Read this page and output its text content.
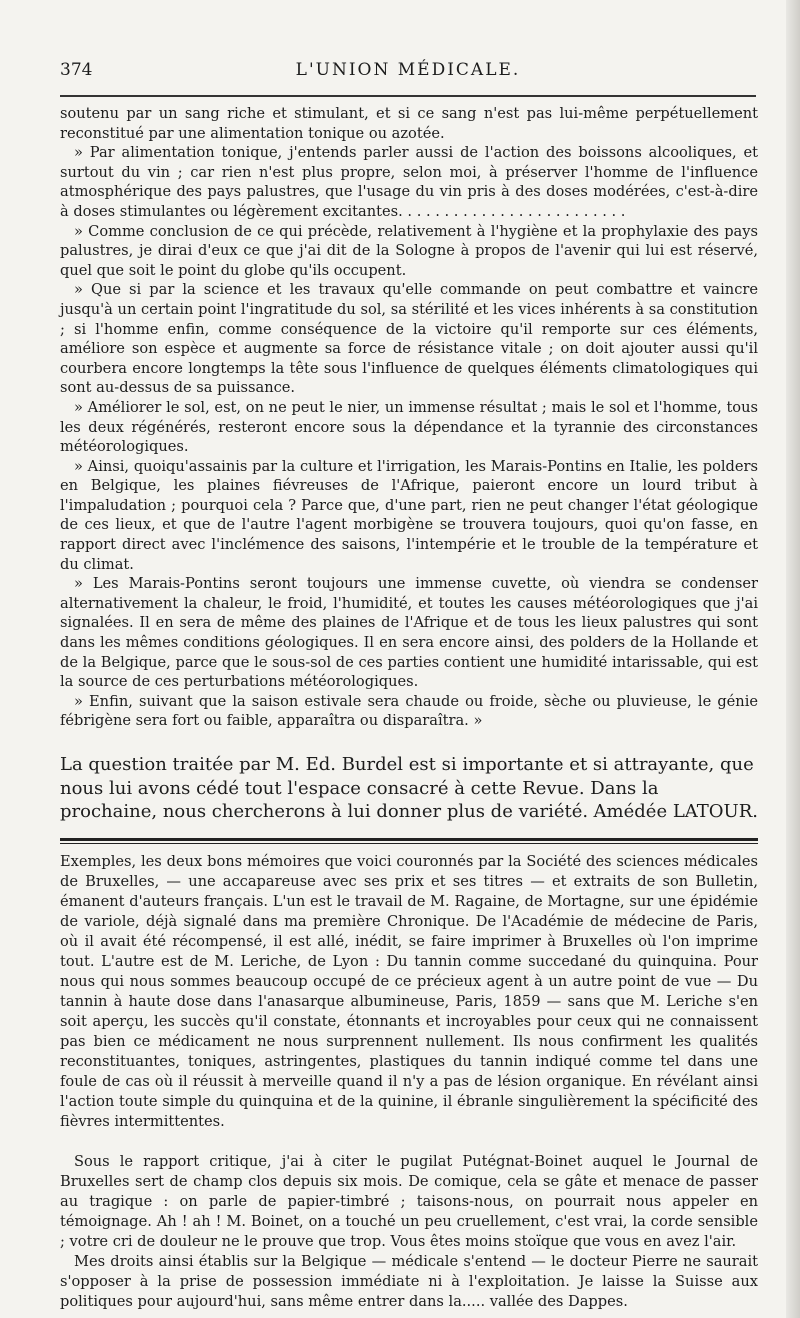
374	L'UNION MÉDICALE.

soutenu par un sang riche et stimulant, et si ce sang n'est pas lui-même perpétuellement reconstitué par une alimentation tonique ou azotée.

» Par alimentation tonique, j'entends parler aussi de l'action des boissons alcooliques, et surtout du vin ; car rien n'est plus propre, selon moi, à préserver l'homme de l'influence atmosphérique des pays palustres, que l'usage du vin pris à des doses modérées, c'est-à-dire à doses stimulantes ou légèrement excitantes. . . . . . . . . . . . . . . . . . . . . . . . .

» Comme conclusion de ce qui précède, relativement à l'hygiène et la prophylaxie des pays palustres, je dirai d'eux ce que j'ai dit de la Sologne à propos de l'avenir qui lui est réservé, quel que soit le point du globe qu'ils occupent.

» Que si par la science et les travaux qu'elle commande on peut combattre et vaincre jusqu'à un certain point l'ingratitude du sol, sa stérilité et les vices inhérents à sa constitution ; si l'homme enfin, comme conséquence de la victoire qu'il remporte sur ces éléments, améliore son espèce et augmente sa force de résistance vitale ; on doit ajouter aussi qu'il courbera encore longtemps la tête sous l'influence de quelques éléments climatologiques qui sont au-dessus de sa puissance.

» Améliorer le sol, est, on ne peut le nier, un immense résultat ; mais le sol et l'homme, tous les deux régénérés, resteront encore sous la dépendance et la tyrannie des circonstances météorologiques.

» Ainsi, quoiqu'assainis par la culture et l'irrigation, les Marais-Pontins en Italie, les polders en Belgique, les plaines fiévreuses de l'Afrique, paieront encore un lourd tribut à l'impaludation ; pourquoi cela ? Parce que, d'une part, rien ne peut changer l'état géologique de ces lieux, et que de l'autre l'agent morbigène se trouvera toujours, quoi qu'on fasse, en rapport direct avec l'inclémence des saisons, l'intempérie et le trouble de la température et du climat.

» Les Marais-Pontins seront toujours une immense cuvette, où viendra se condenser alternativement la chaleur, le froid, l'humidité, et toutes les causes météorologiques que j'ai signalées. Il en sera de même des plaines de l'Afrique et de tous les lieux palustres qui sont dans les mêmes conditions géologiques. Il en sera encore ainsi, des polders de la Hollande et de la Belgique, parce que le sous-sol de ces parties contient une humidité intarissable, qui est la source de ces perturbations météorologiques.

» Enfin, suivant que la saison estivale sera chaude ou froide, sèche ou pluvieuse, le génie fébrigène sera fort ou faible, apparaîtra ou disparaîtra. »

La question traitée par M. Ed. Burdel est si importante et si attrayante, que nous lui avons cédé tout l'espace consacré à cette Revue. Dans la prochaine, nous chercherons à lui donner plus de variété. Amédée LATOUR.

Exemples, les deux bons mémoires que voici couronnés par la Société des sciences médicales de Bruxelles, — une accapareuse avec ses prix et ses titres — et extraits de son Bulletin, émanent d'auteurs français. L'un est le travail de M. Ragaine, de Mortagne, sur une épidémie de variole, déjà signalé dans ma première Chronique. De l'Académie de médecine de Paris, où il avait été récompensé, il est allé, inédit, se faire imprimer à Bruxelles où l'on imprime tout. L'autre est de M. Leriche, de Lyon : Du tannin comme succedané du quinquina. Pour nous qui nous sommes beaucoup occupé de ce précieux agent à un autre point de vue — Du tannin à haute dose dans l'anasarque albumineuse, Paris, 1859 — sans que M. Leriche s'en soit aperçu, les succès qu'il constate, étonnants et incroyables pour ceux qui ne connaissent pas bien ce médicament ne nous surprennent nullement. Ils nous confirment les qualités reconstituantes, toniques, astringentes, plastiques du tannin indiqué comme tel dans une foule de cas où il réussit à merveille quand il n'y a pas de lésion organique. En révélant ainsi l'action toute simple du quinquina et de la quinine, il ébranle singulièrement la spécificité des fièvres intermittentes.

Sous le rapport critique, j'ai à citer le pugilat Putégnat-Boinet auquel le Journal de Bruxelles sert de champ clos depuis six mois. De comique, cela se gâte et menace de passer au tragique : on parle de papier-timbré ; taisons-nous, on pourrait nous appeler en témoignage. Ah ! ah ! M. Boinet, on a touché un peu cruellement, c'est vrai, la corde sensible ; votre cri de douleur ne le prouve que trop. Vous êtes moins stoïque que vous en avez l'air.

Mes droits ainsi établis sur la Belgique — médicale s'entend — le docteur Pierre ne saurait s'opposer à la prise de possession immédiate ni à l'exploitation. Je laisse la Suisse aux politiques pour aujourd'hui, sans même entrer dans la..... vallée des Dappes.
